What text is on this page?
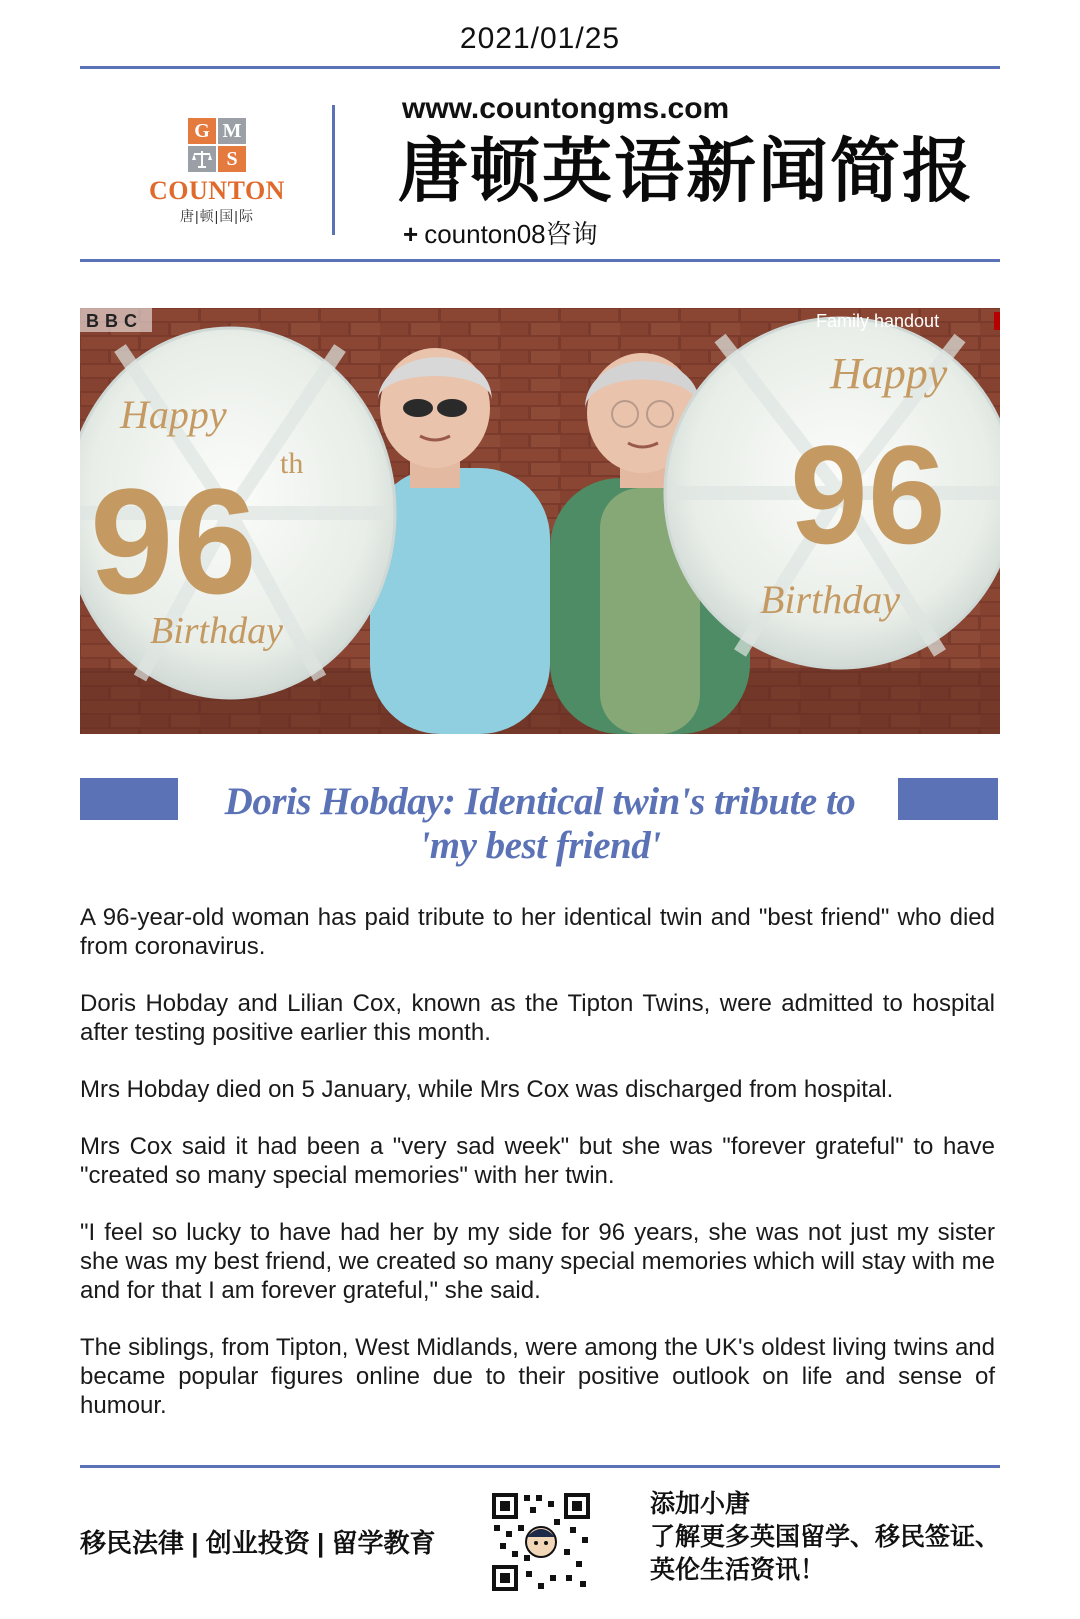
2021/01/25
G M
S
COUNTON
唐|顿|国|际
www.countongms.com
唐顿英语新闻简报
+ counton08咨询
Happy
96 th
Birthday
Happy
96
Birthday
BBC	Family handout
Doris Hobday: Identical twin's tribute to 'my best friend'

A 96-year-old woman has paid tribute to her identical twin and "best friend" who died from coronavirus.

Doris Hobday and Lilian Cox, known as the Tipton Twins, were admitted to hospital after testing positive earlier this month.

Mrs Hobday died on 5 January, while Mrs Cox was discharged from hospital.

Mrs Cox said it had been a "very sad week" but she was "forever grateful" to have "created so many special memories" with her twin.

"I feel so lucky to have had her by my side for 96 years, she was not just my sister she was my best friend, we created so many special memories which will stay with me and for that I am forever grateful," she said.

The siblings, from Tipton, West Midlands, were among the UK's oldest living twins and became popular figures online due to their positive outlook on life and sense of humour.

移民法律 | 创业投资 | 留学教育
添加小唐
了解更多英国留学、移民签证、
英伦生活资讯！
